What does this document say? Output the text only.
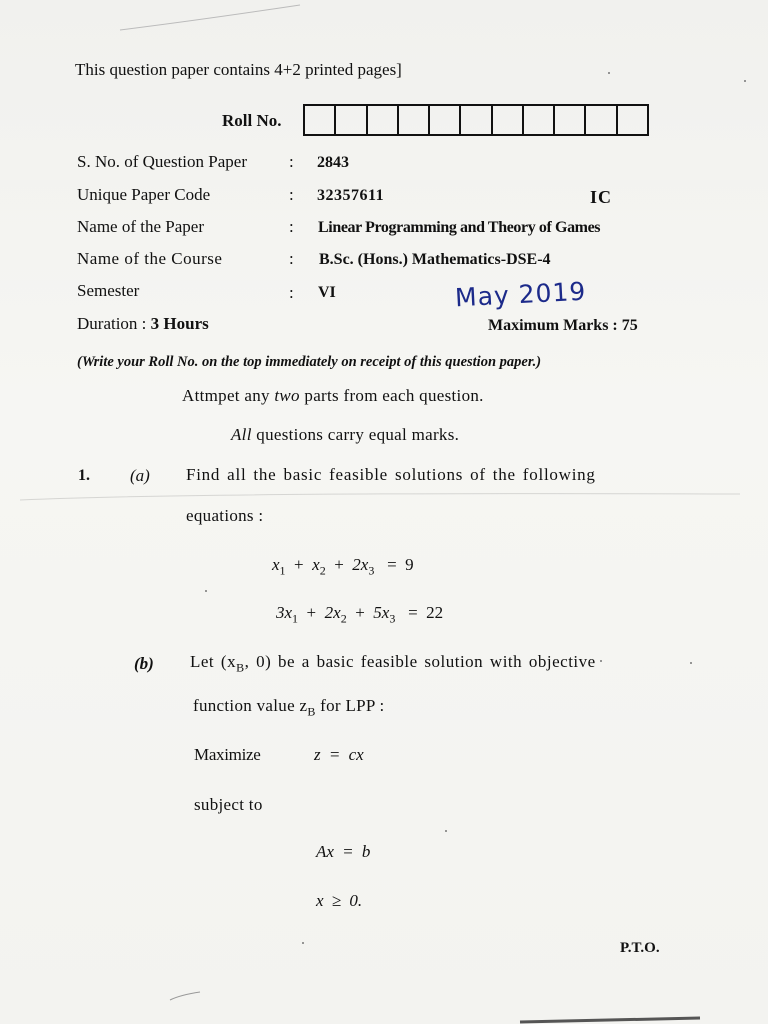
This question paper contains 4+2 printed pages]
Roll No.
S. No. of Question Paper : 2843
Unique Paper Code	: 32357611	IC
Name of the Paper	: Linear Programming and Theory of Games
Name of the Course	: B.Sc. (Hons.) Mathematics-DSE-4
Semester	: VI	May 2019
Duration : 3 Hours	Maximum Marks : 75
(Write your Roll No. on the top immediately on receipt of this question paper.)
Attmpet any two parts from each question.
All questions carry equal marks.
1. (a) Find all the basic feasible solutions of the following
equations :
$x_1 + x_2 + 2x_3 = 9$
$3x_1 + 2x_2 + 5x_3 = 22$
(b) Let ($x_B$, 0) be a basic feasible solution with objective
function value $z_B$ for LPP :
Maximize	z = cx
subject to
Ax = b
x ≥ 0.
P.T.O.
